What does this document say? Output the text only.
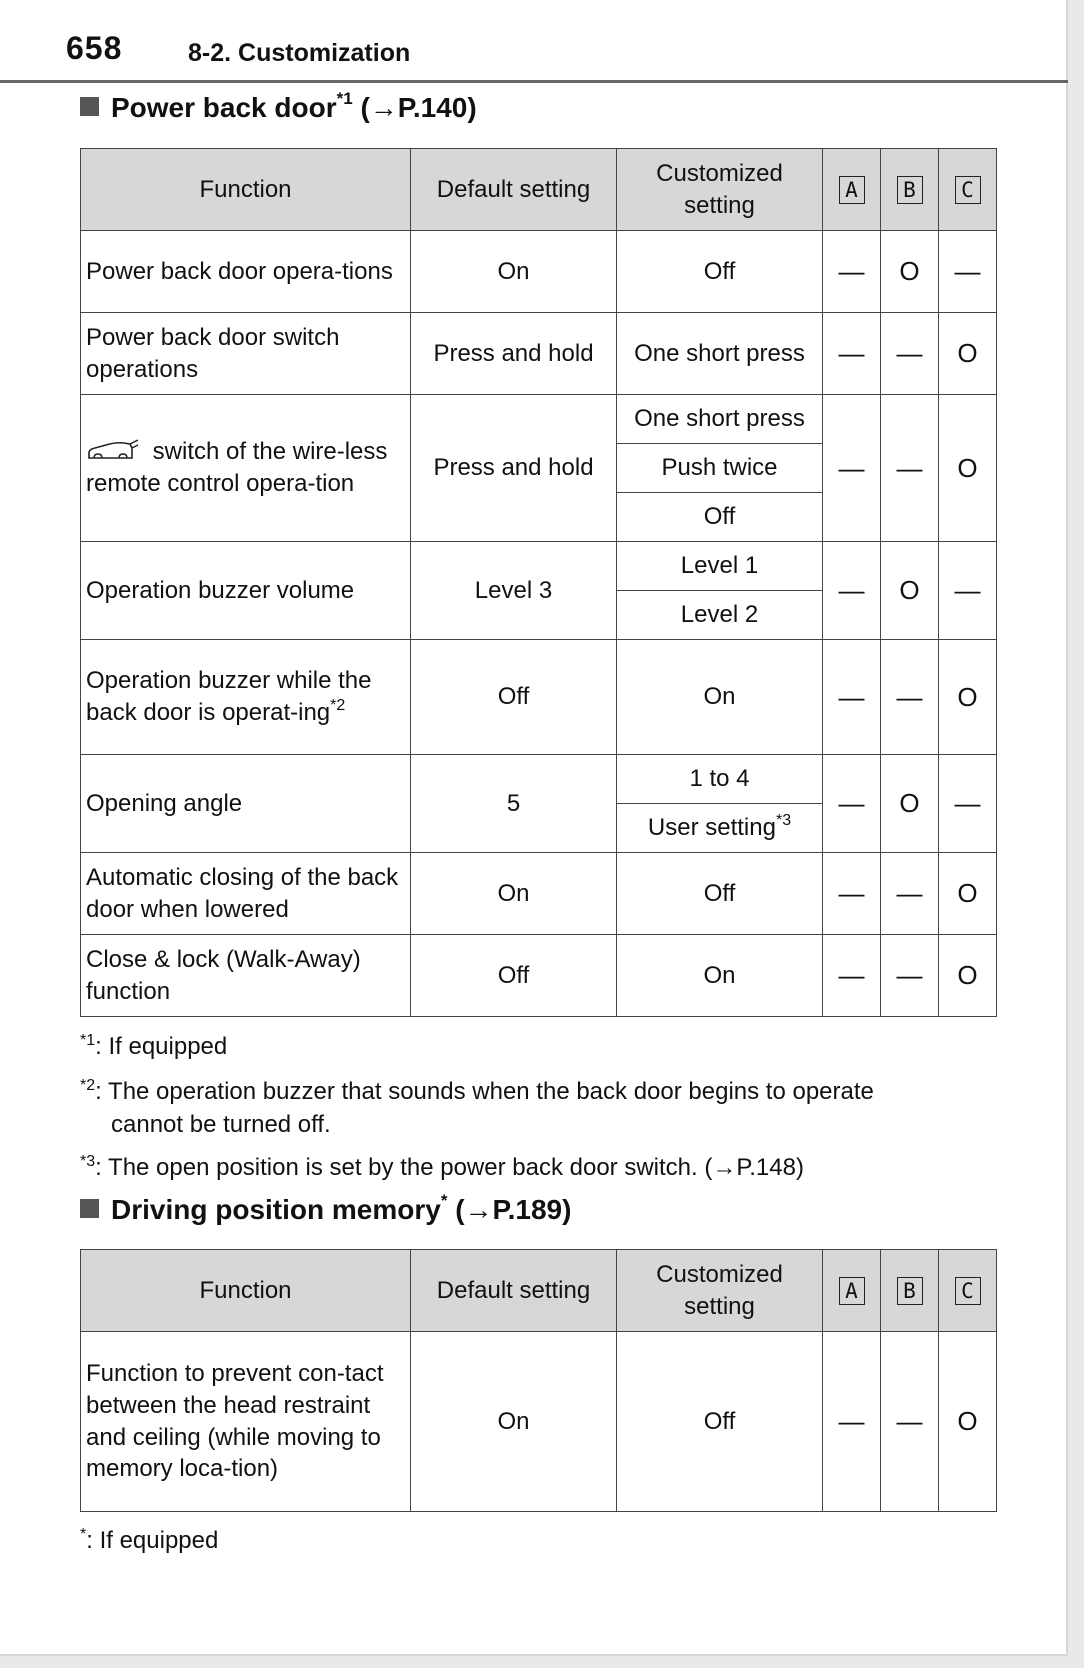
658	8-2. Customization
Power back door$^{*1}$ (→P.140)
Function	Default setting	Customized setting	A	B	C
Power back door opera-tions	On	Off	—	O	—
Power back door switch operations	Press and hold	One short press	—	—	O
switch of the wire-less remote control opera-tion	Press and hold	One short press	—	—	O
		Push twice			
		Off			
Operation buzzer volume	Level 3	Level 1	—	O	—
		Level 2			
Operation buzzer while the back door is operat-ing$^{*2}$	Off	On	—	—	O
Opening angle	5	1 to 4	—	O	—
		User setting$^{*3}$
Automatic closing of the back door when lowered	On	Off	—	—	O
Close & lock (Walk-Away) function	Off	On	—	—	O
$^{*1}$: If equipped
$^{*2}$: The operation buzzer that sounds when the back door begins to operate
cannot be turned off.
$^{*3}$: The open position is set by the power back door switch. (→P.148)
Driving position memory* (→P.189)
Function	Default setting	Customized setting	A	B	C
Function to prevent con-tact between the head restraint and ceiling (while moving to memory loca-tion)	On	Off	—	—	O
*: If equipped
